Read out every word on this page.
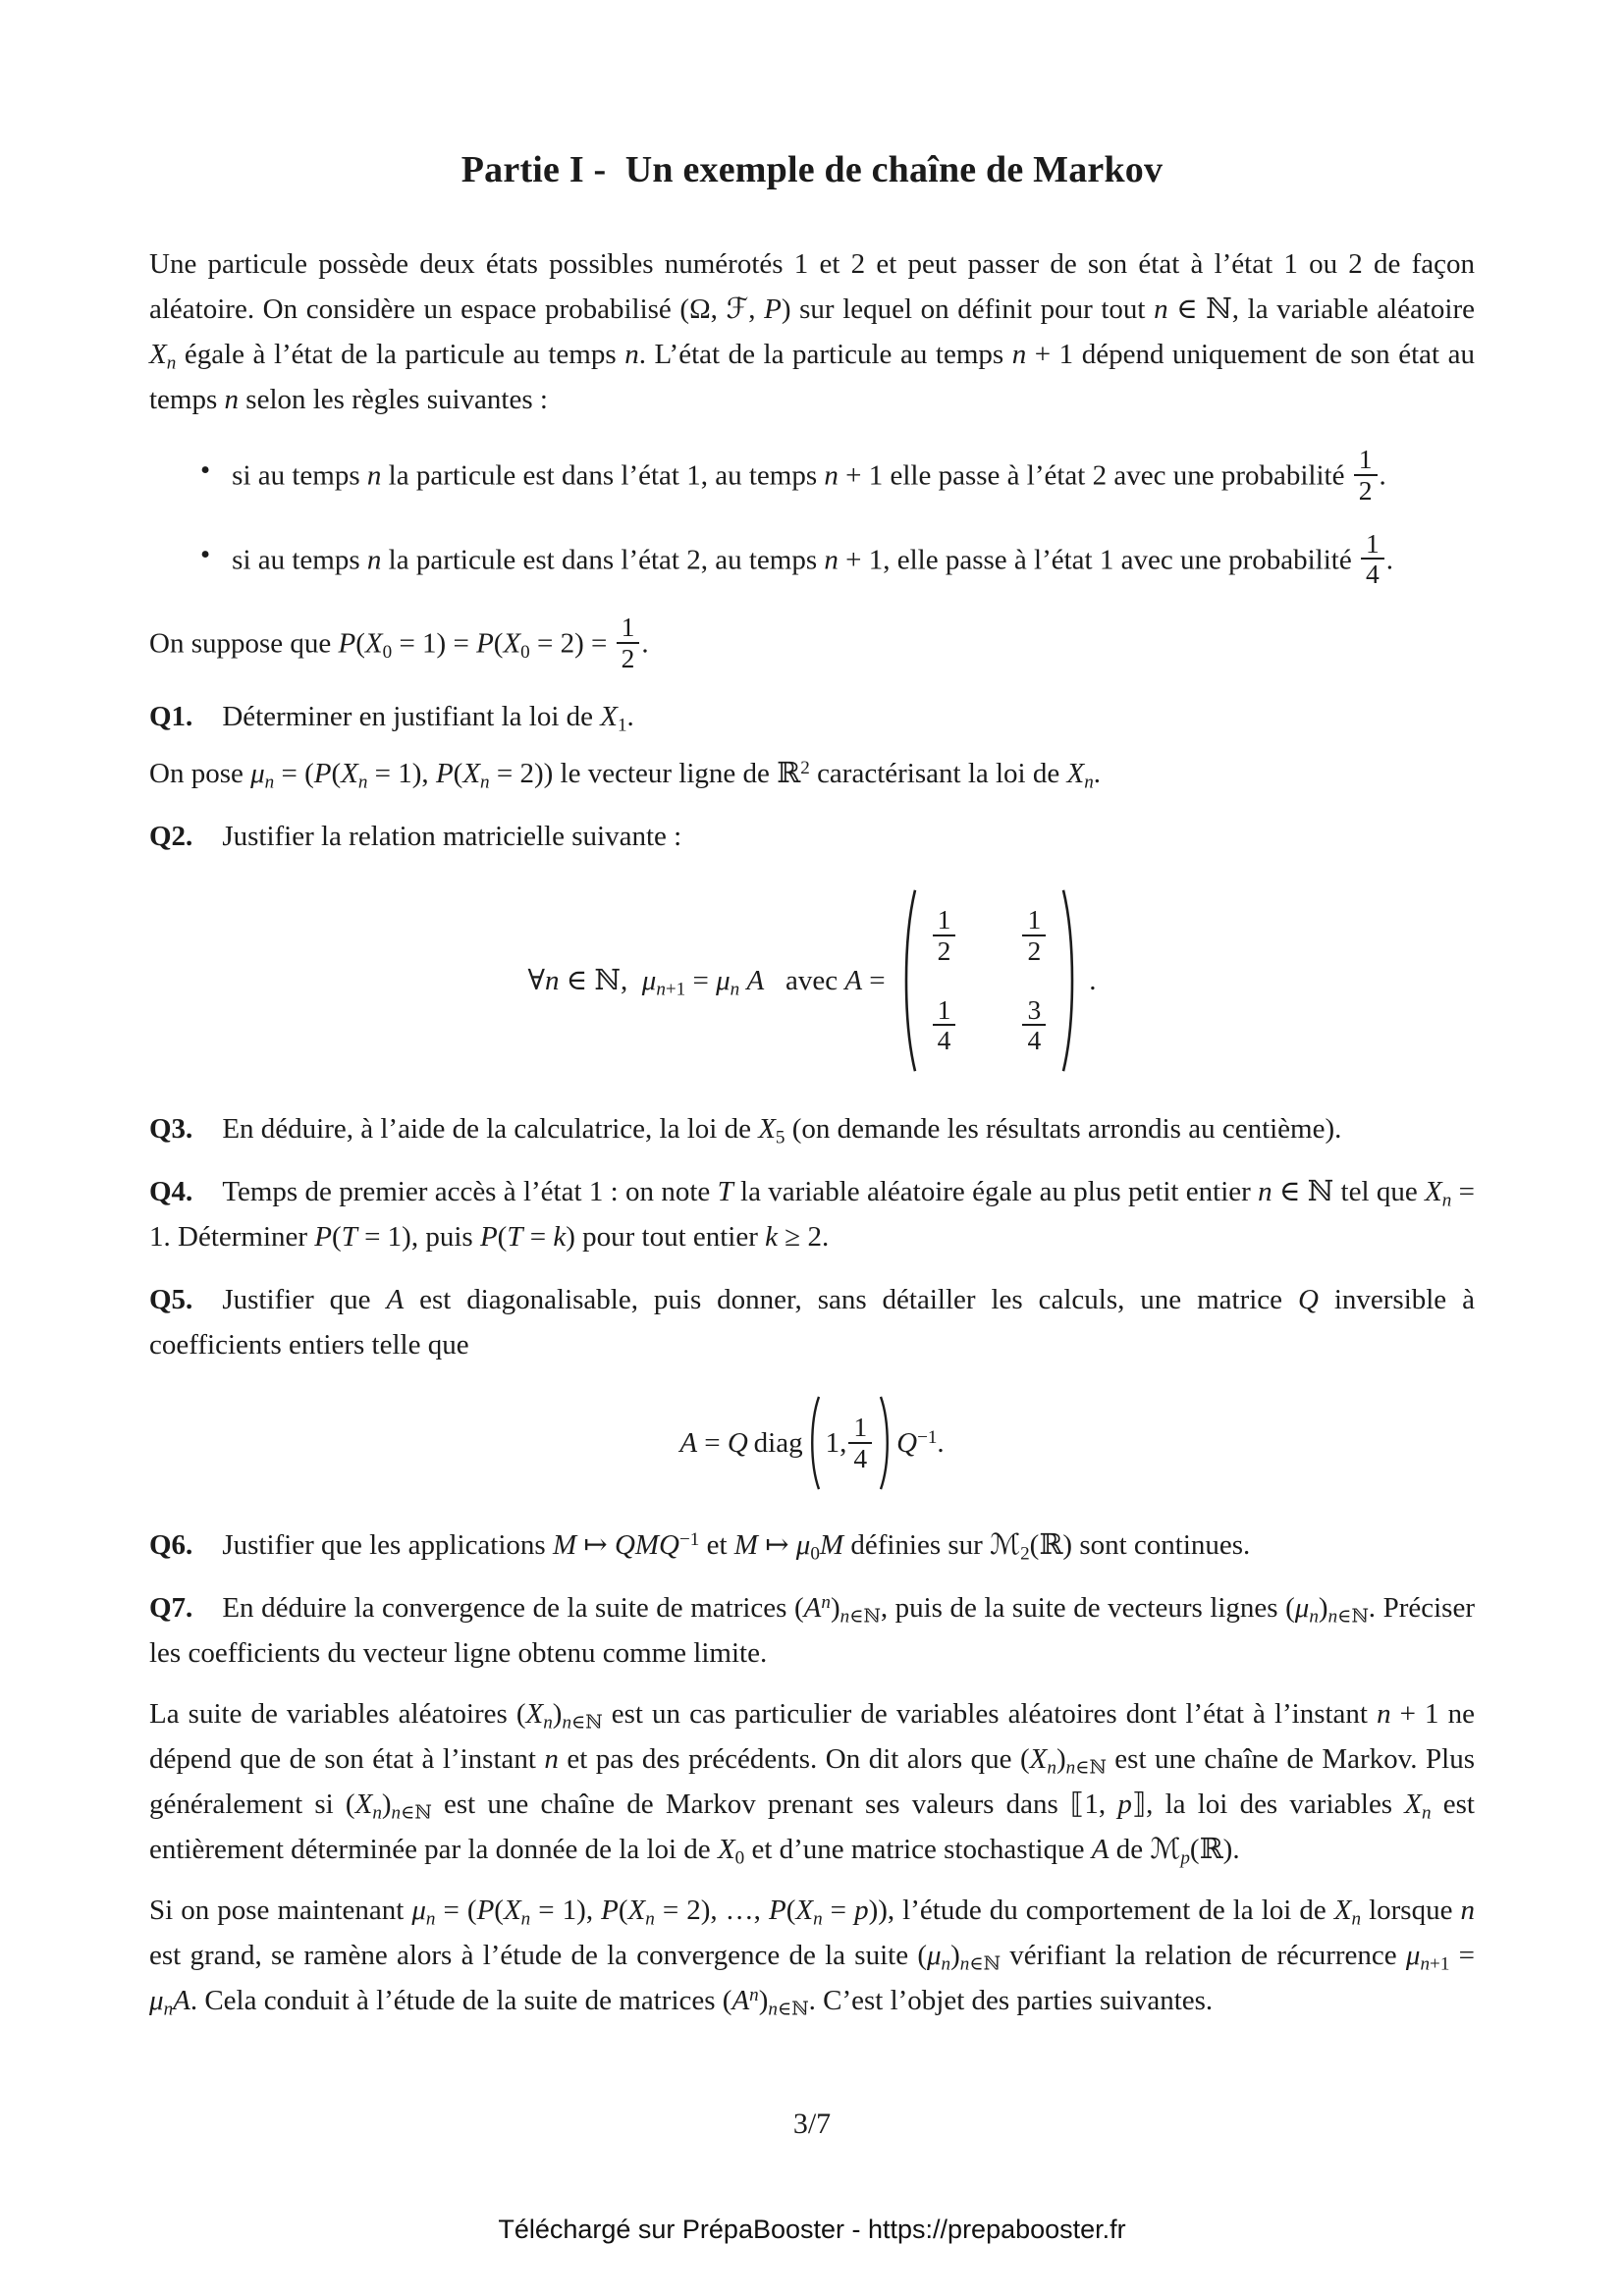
Partie I -  Un exemple de chaîne de Markov

Une particule possède deux états possibles numérotés 1 et 2 et peut passer de son état à l’état 1 ou 2 de façon aléatoire. On considère un espace probabilisé (Ω, ℱ, P) sur lequel on définit pour tout n ∈ ℕ, la variable aléatoire $X_n$ égale à l’état de la particule au temps n. L’état de la particule au temps n + 1 dépend uniquement de son état au temps n selon les règles suivantes :

•
si au temps n la particule est dans l’état 1, au temps n + 1 elle passe à l’état 2 avec une probabilité $\frac{1}{2}$ .
•
si au temps n la particule est dans l’état 2, au temps n + 1, elle passe à l’état 1 avec une probabilité $\frac{1}{4}$ .

On suppose que $P(X_0 = 1) = P(X_0 = 2) = \frac{1}{2}$ .

Q1. Déterminer en justifiant la loi de $X_1$.

On pose $\mu_n = (P(X_n = 1)$, $P(X_n = 2)$) le vecteur ligne de ℝ$^2$ caractérisant la loi de $X_n$.

Q2. Justifier la relation matricielle suivante :

∀n ∈ ℕ,  $\mu_{n+1} = \mu_n$ A   avec A =
$\frac{1}{2} \frac{1}{2}$
$\frac{1}{4} \frac{3}{4}$
.

Q3. En déduire, à l’aide de la calculatrice, la loi de $X_5$ (on demande les résultats arrondis au centième).

Q4. Temps de premier accès à l’état 1 : on note T la variable aléatoire égale au plus petit entier n ∈ ℕ tel que $X_n = 1$. Déterminer P(T = 1), puis P(T = k) pour tout entier k ≥ 2.

Q5. Justifier que A est diagonalisable, puis donner, sans détailler les calculs, une matrice Q inversible à coefficients entiers telle que

A = Q diag 1, $\frac{1}{4} Q^{-1}$.

Q6. Justifier que les applications M ↦ $QMQ^{-1}$ et M ↦ $\mu_0M$ définies sur ℳ$_2$(ℝ) sont continues.

Q7. En déduire la convergence de la suite de matrices $(A^n)_{n\in ℕ}$, puis de la suite de vecteurs lignes $(\mu_n)_{n\in ℕ}$. Préciser les coefficients du vecteur ligne obtenu comme limite.

La suite de variables aléatoires $(X_n)_{n\in ℕ}$ est un cas particulier de variables aléatoires dont l’état à l’instant n + 1 ne dépend que de son état à l’instant n et pas des précédents. On dit alors que $(X_n)_{n\in ℕ}$ est une chaîne de Markov. Plus généralement si $(X_n)_{n\in ℕ}$ est une chaîne de Markov prenant ses valeurs dans ⟦1, p⟧, la loi des variables $X_n$ est entièrement déterminée par la donnée de la loi de $X_0$ et d’une matrice stochastique A de ℳ$_p$(ℝ).

Si on pose maintenant $\mu_n = (P(X_n = 1)$, $P(X_n = 2)$, …, $P(X_n = p)$), l’étude du comportement de la loi de $X_n$ lorsque n est grand, se ramène alors à l’étude de la convergence de la suite $(\mu_n)_{n\in ℕ}$ vérifiant la relation de récurrence $\mu_{n+1} = \mu_nA$. Cela conduit à l’étude de la suite de matrices $(A^n)_{n\in ℕ}$. C’est l’objet des parties suivantes.

3/7
Téléchargé sur PrépaBooster - https://prepabooster.fr
